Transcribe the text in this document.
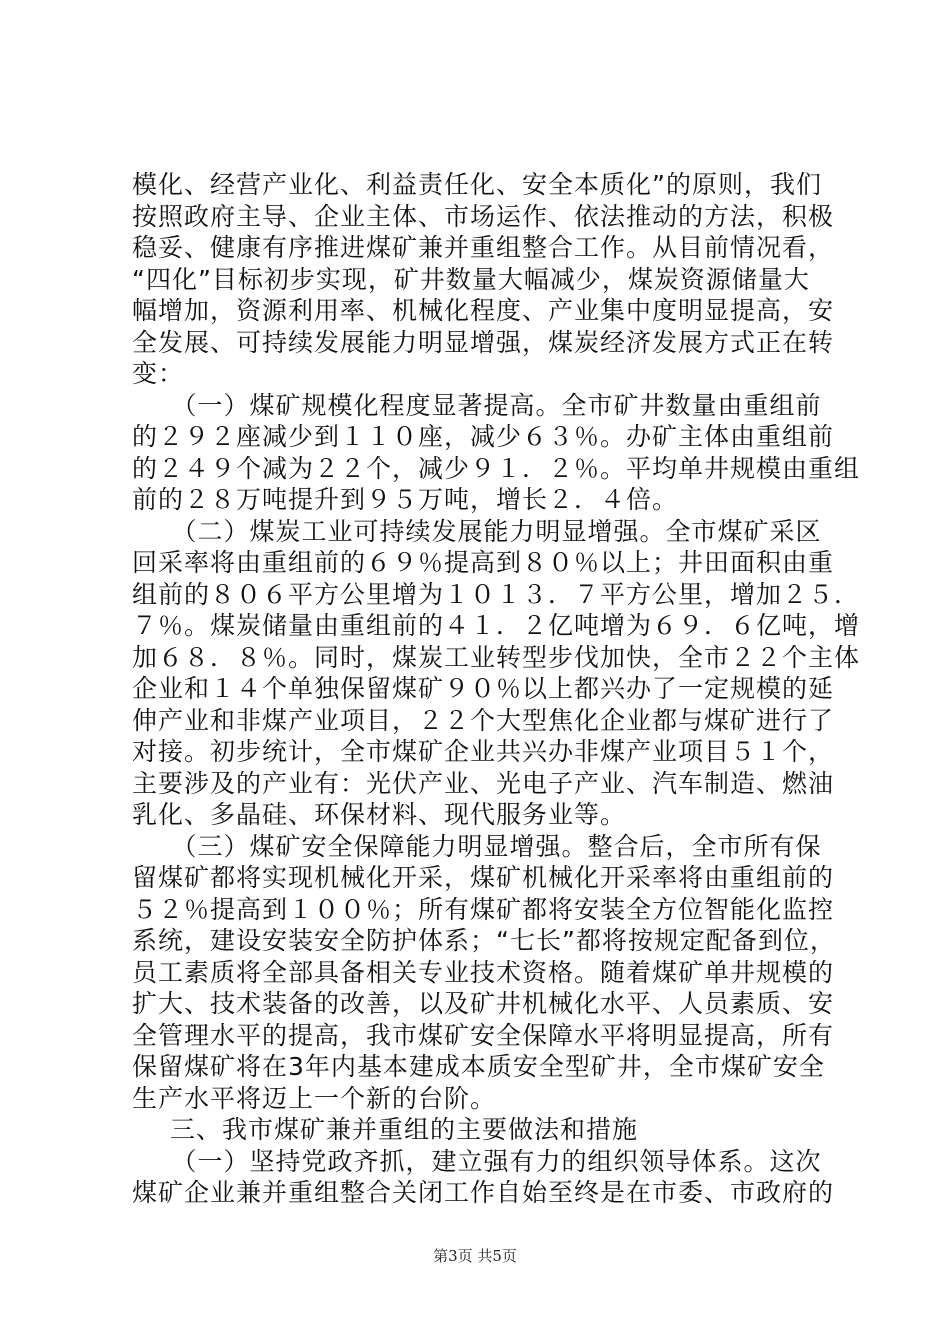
模化、经营产业化、利益责任化、安全本质化”的原则，我们
按照政府主导、企业主体、市场运作、依法推动的方法，积极
稳妥、健康有序推进煤矿兼并重组整合工作。从目前情况看，
“四化”目标初步实现，矿井数量大幅减少，煤炭资源储量大
幅增加，资源利用率、机械化程度、产业集中度明显提高，安
全发展、可持续发展能力明显增强，煤炭经济发展方式正在转
变：
　　（一）煤矿规模化程度显著提高。全市矿井数量由重组前
的２９２座减少到１１０座，减少６３％。办矿主体由重组前
的２４９个减为２２个，减少９１．２％。平均单井规模由重组
前的２８万吨提升到９５万吨，增长２．４倍。
　　（二）煤炭工业可持续发展能力明显增强。全市煤矿采区
回采率将由重组前的６９％提高到８０％以上；井田面积由重
组前的８０６平方公里增为１０１３．７平方公里，增加２５．
７％。煤炭储量由重组前的４１．２亿吨增为６９．６亿吨，增
加６８．８％。同时，煤炭工业转型步伐加快，全市２２个主体
企业和１４个单独保留煤矿９０％以上都兴办了一定规模的延
伸产业和非煤产业项目，２２个大型焦化企业都与煤矿进行了
对接。初步统计，全市煤矿企业共兴办非煤产业项目５１个，
主要涉及的产业有：光伏产业、光电子产业、汽车制造、燃油
乳化、多晶硅、环保材料、现代服务业等。
　　（三）煤矿安全保障能力明显增强。整合后，全市所有保
留煤矿都将实现机械化开采，煤矿机械化开采率将由重组前的
５２％提高到１００％；所有煤矿都将安装全方位智能化监控
系统，建设安装安全防护体系；“七长”都将按规定配备到位，
员工素质将全部具备相关专业技术资格。随着煤矿单井规模的
扩大、技术装备的改善，以及矿井机械化水平、人员素质、安
全管理水平的提高，我市煤矿安全保障水平将明显提高，所有
保留煤矿将在3年内基本建成本质安全型矿井，全市煤矿安全
生产水平将迈上一个新的台阶。
三、我市煤矿兼并重组的主要做法和措施
　　（一）坚持党政齐抓，建立强有力的组织领导体系。这次
煤矿企业兼并重组整合关闭工作自始至终是在市委、市政府的
第3页 共5页
